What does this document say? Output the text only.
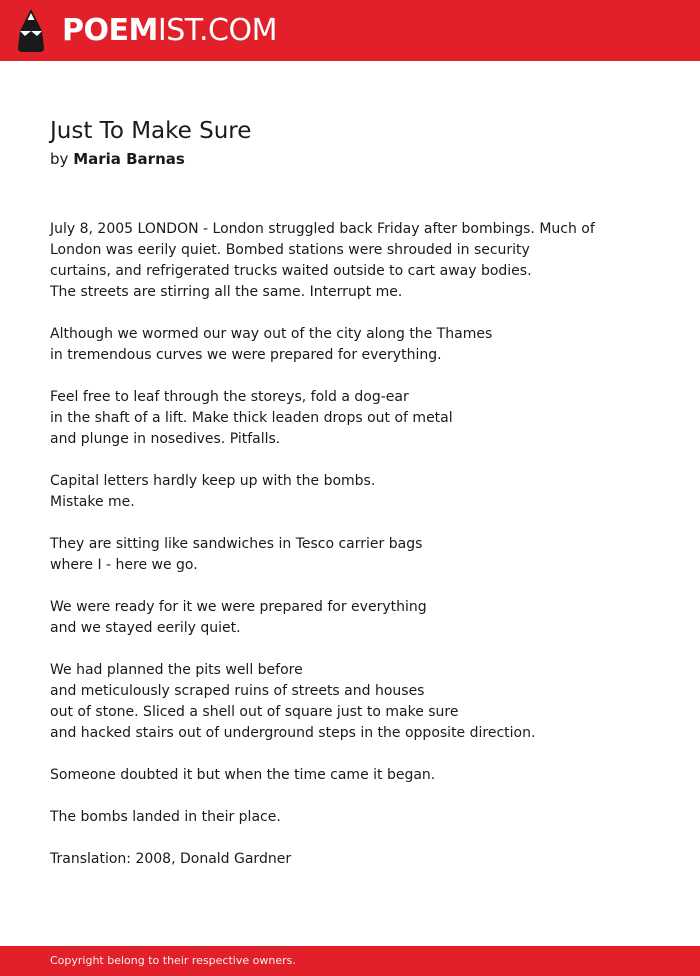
POEMIST.COM
Just To Make Sure
by Maria Barnas
July 8, 2005 LONDON - London struggled back Friday after bombings. Much of
London was eerily quiet. Bombed stations were shrouded in security
curtains, and refrigerated trucks waited outside to cart away bodies.
The streets are stirring all the same. Interrupt me.
Although we wormed our way out of the city along the Thames
in tremendous curves we were prepared for everything.
Feel free to leaf through the storeys, fold a dog-ear
in the shaft of a lift. Make thick leaden drops out of metal
and plunge in nosedives. Pitfalls.
Capital letters hardly keep up with the bombs.
Mistake me.
They are sitting like sandwiches in Tesco carrier bags
where I - here we go.
We were ready for it we were prepared for everything
and we stayed eerily quiet.
We had planned the pits well before
and meticulously scraped ruins of streets and houses
out of stone. Sliced a shell out of square just to make sure
and hacked stairs out of underground steps in the opposite direction.
Someone doubted it but when the time came it began.
The bombs landed in their place.
Translation: 2008, Donald Gardner
Copyright belong to their respective owners.
